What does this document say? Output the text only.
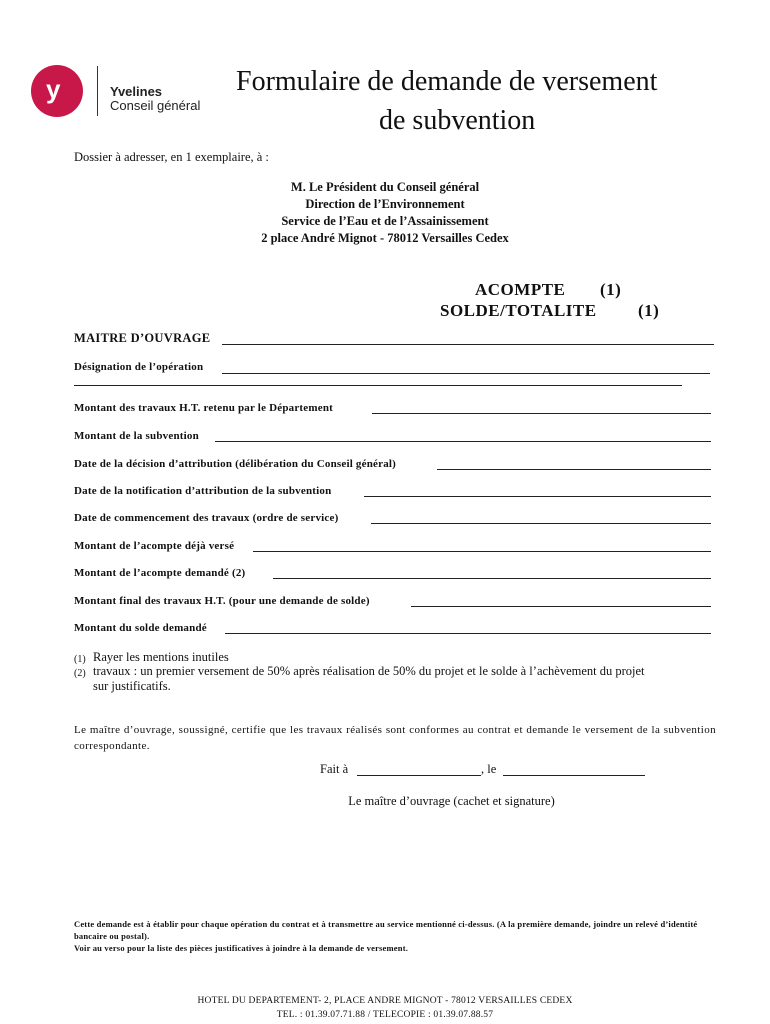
y ’	Yvelines
Conseil général
Formulaire de demande de versement
de subvention
Dossier à adresser, en 1 exemplaire, à :
M. Le Président du Conseil général
Direction de l’Environnement
Service de l’Eau et de l’Assainissement
2 place André Mignot - 78012 Versailles Cedex
ACOMPTE (1)
SOLDE/TOTALITE (1)
MAITRE D’OUVRAGE
Désignation de l’opération
Montant des travaux H.T. retenu par le Département
Montant de la subvention
Date de la décision d’attribution (délibération du Conseil général)
Date de la notification d’attribution de la subvention
Date de commencement des travaux (ordre de service)
Montant de l’acompte déjà versé
Montant de l’acompte demandé (2)
Montant final des travaux H.T. (pour une demande de solde)
Montant du solde demandé
(1) Rayer les mentions inutiles
(2) travaux : un premier versement de 50% après réalisation de 50% du projet et le solde à l’achèvement du projet
sur justificatifs.
Le maître d’ouvrage, soussigné, certifie que les travaux réalisés sont conformes au contrat et demande le versement de la subvention correspondante.
Fait à	, le
Le maître d’ouvrage (cachet et signature)
Cette demande est à établir pour chaque opération du contrat et à transmettre au service mentionné ci-dessus. (A la première demande, joindre un relevé d’identité bancaire ou postal).
Voir au verso pour la liste des pièces justificatives à joindre à la demande de versement.
HOTEL DU DEPARTEMENT- 2, PLACE ANDRE MIGNOT - 78012 VERSAILLES CEDEX
TEL. : 01.39.07.71.88 / TELECOPIE : 01.39.07.88.57
